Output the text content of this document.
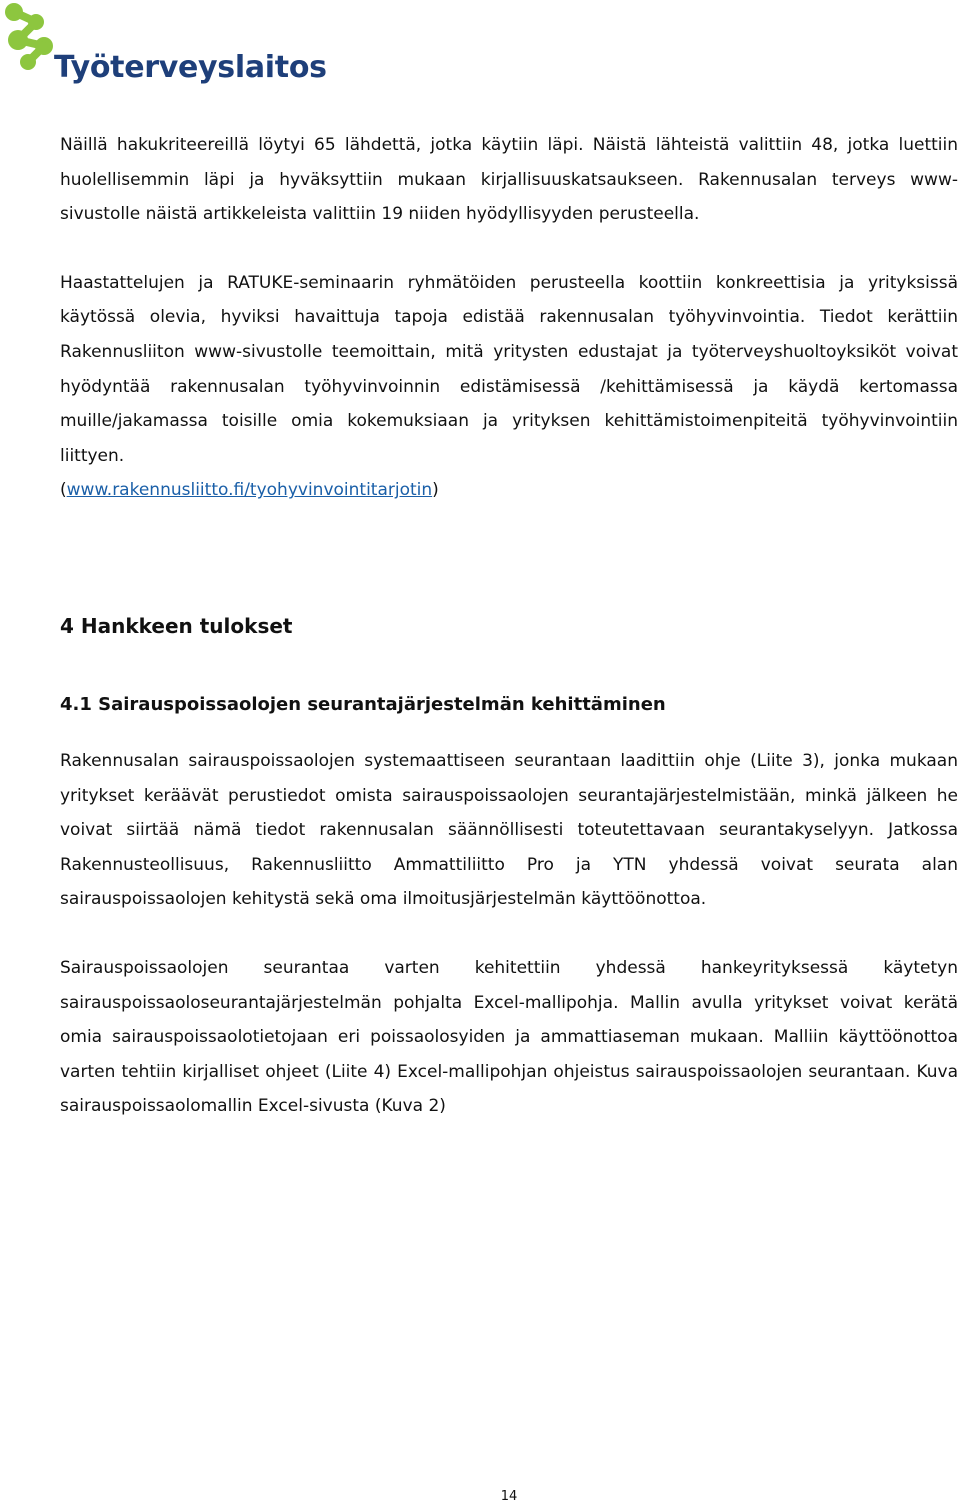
Työterveyslaitos

Näillä hakukriteereillä löytyi 65 lähdettä, jotka käytiin läpi. Näistä lähteistä valittiin 48, jotka luettiin huolellisemmin läpi ja hyväksyttiin mukaan kirjallisuuskatsaukseen. Rakennusalan terveys www-sivustolle näistä artikkeleista valittiin 19 niiden hyödyllisyyden perusteella.

Haastattelujen ja RATUKE-seminaarin ryhmätöiden perusteella koottiin konkreettisia ja yrityksissä käytössä olevia, hyviksi havaittuja tapoja edistää rakennusalan työhyvinvointia. Tiedot kerättiin Rakennusliiton www-sivustolle teemoittain, mitä yritysten edustajat ja työterveyshuoltoyksiköt voivat hyödyntää rakennusalan työhyvinvoinnin edistämisessä /kehittämisessä ja käydä kertomassa muille/jakamassa toisille omia kokemuksiaan ja yrityksen kehittämistoimenpiteitä työhyvinvointiin liittyen.
(www.rakennusliitto.fi/tyohyvinvointitarjotin)

4 Hankkeen tulokset
4.1 Sairauspoissaolojen seurantajärjestelmän kehittäminen

Rakennusalan sairauspoissaolojen systemaattiseen seurantaan laadittiin ohje (Liite 3), jonka mukaan yritykset keräävät perustiedot omista sairauspoissaolojen seurantajärjestelmistään, minkä jälkeen he voivat siirtää nämä tiedot rakennusalan säännöllisesti toteutettavaan seurantakyselyyn. Jatkossa Rakennusteollisuus, Rakennusliitto Ammattiliitto Pro ja YTN yhdessä voivat seurata alan sairauspoissaolojen kehitystä sekä oma ilmoitusjärjestelmän käyttöönottoa.

Sairauspoissaolojen seurantaa varten kehitettiin yhdessä hankeyrityksessä käytetyn sairauspoissaoloseurantajärjestelmän pohjalta Excel-mallipohja. Mallin avulla yritykset voivat kerätä omia sairauspoissaolotietojaan eri poissaolosyiden ja ammattiaseman mukaan. Malliin käyttöönottoa varten tehtiin kirjalliset ohjeet (Liite 4) Excel-mallipohjan ohjeistus sairauspoissaolojen seurantaan. Kuva sairauspoissaolomallin Excel-sivusta (Kuva 2)

14
